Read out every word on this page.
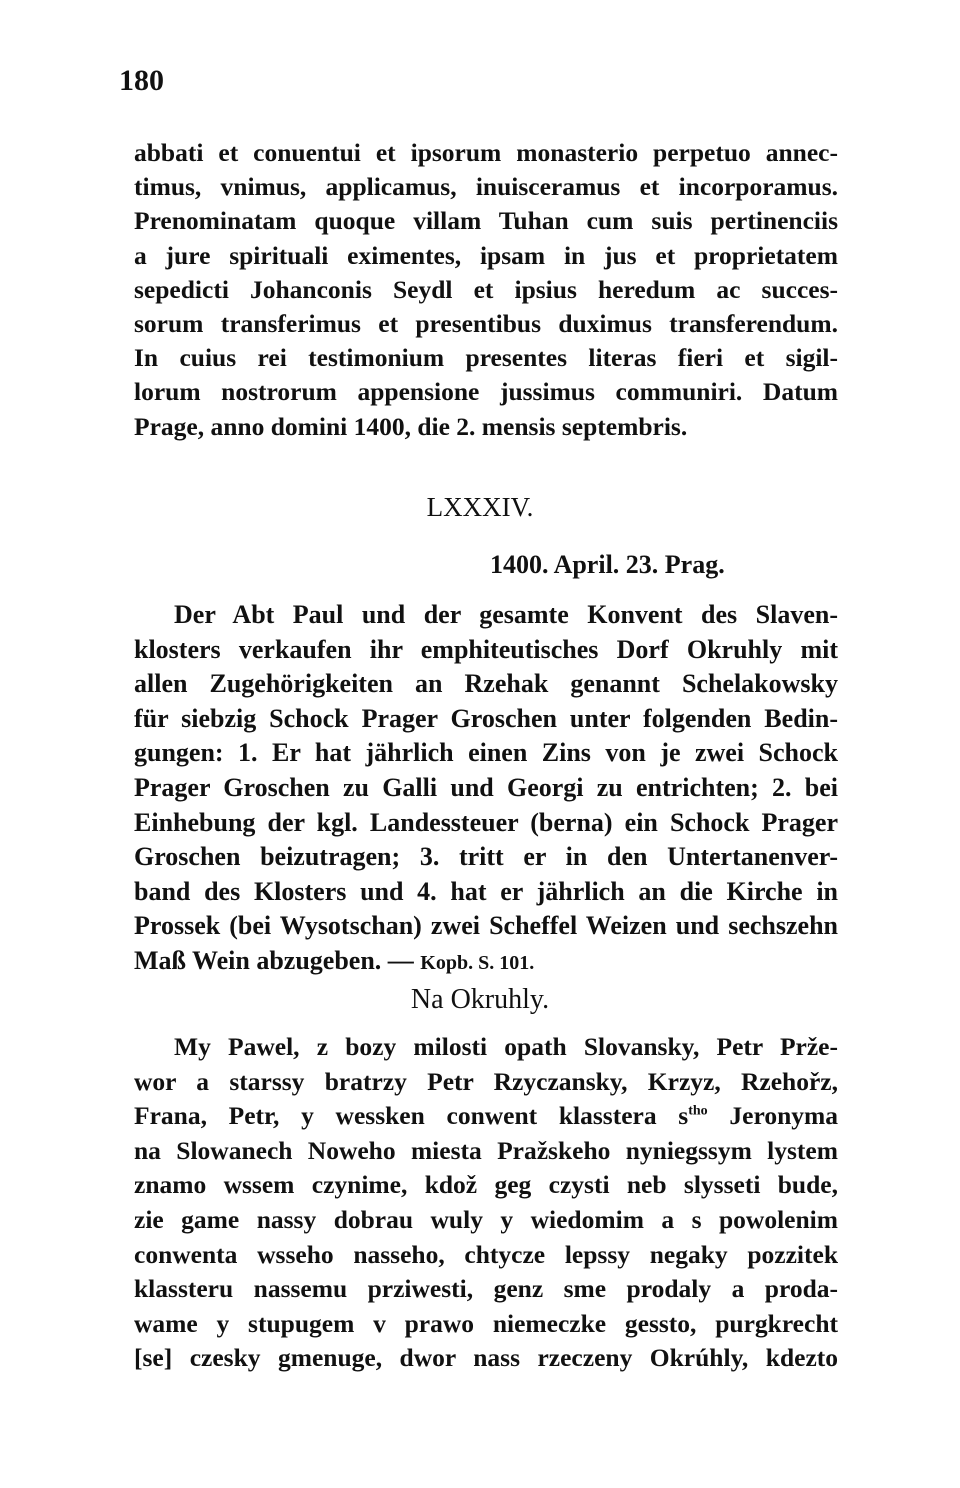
180
abbati et conuentui et ipsorum monasterio perpetuo annec-
timus, vnimus, applicamus, inuisceramus et incorporamus.
Prenominatam quoque villam Tuhan cum suis pertinenciis
a jure spirituali eximentes, ipsam in jus et proprietatem
sepedicti Johanconis Seydl et ipsius heredum ac succes-
sorum transferimus et presentibus duximus transferendum.
In cuius rei testimonium presentes literas fieri et sigil-
lorum nostrorum appensione jussimus communiri. Datum
Prage, anno domini 1400, die 2. mensis septembris.
LXXXIV.
1400. April. 23. Prag.
Der Abt Paul und der gesamte Konvent des Slaven-
klosters verkaufen ihr emphiteutisches Dorf Okruhly mit
allen Zugehörigkeiten an Rzehak genannt Schelakowsky
für siebzig Schock Prager Groschen unter folgenden Bedin-
gungen: 1. Er hat jährlich einen Zins von je zwei Schock
Prager Groschen zu Galli und Georgi zu entrichten; 2. bei
Einhebung der kgl. Landessteuer (berna) ein Schock Prager
Groschen beizutragen; 3. tritt er in den Untertanenver-
band des Klosters und 4. hat er jährlich an die Kirche in
Prossek (bei Wysotschan) zwei Scheffel Weizen und sechszehn
Maß Wein abzugeben. — Kopb. S. 101.
Na Okruhly.
My Pawel, z bozy milosti opath Slovansky, Petr Prže-
wor a starssy bratrzy Petr Rzyczansky, Krzyz, Rzehořz,
Frana, Petr, y wessken conwent klasstera $s^{tho}$ Jeronyma
na Slowanech Noweho miesta Pražskeho nyniegssym lystem
znamo wssem czynime, kdož geg czysti neb slysseti bude,
zie game nassy dobrau wuly y wiedomim a s powolenim
conwenta wsseho nasseho, chtycze lepssy negaky pozzitek
klassteru nassemu prziwesti, genz sme prodaly a proda-
wame y stupugem v prawo niemeczke gessto, purgkrecht
[se] czesky gmenuge, dwor nass rzeczeny Okrúhly, kdezto
